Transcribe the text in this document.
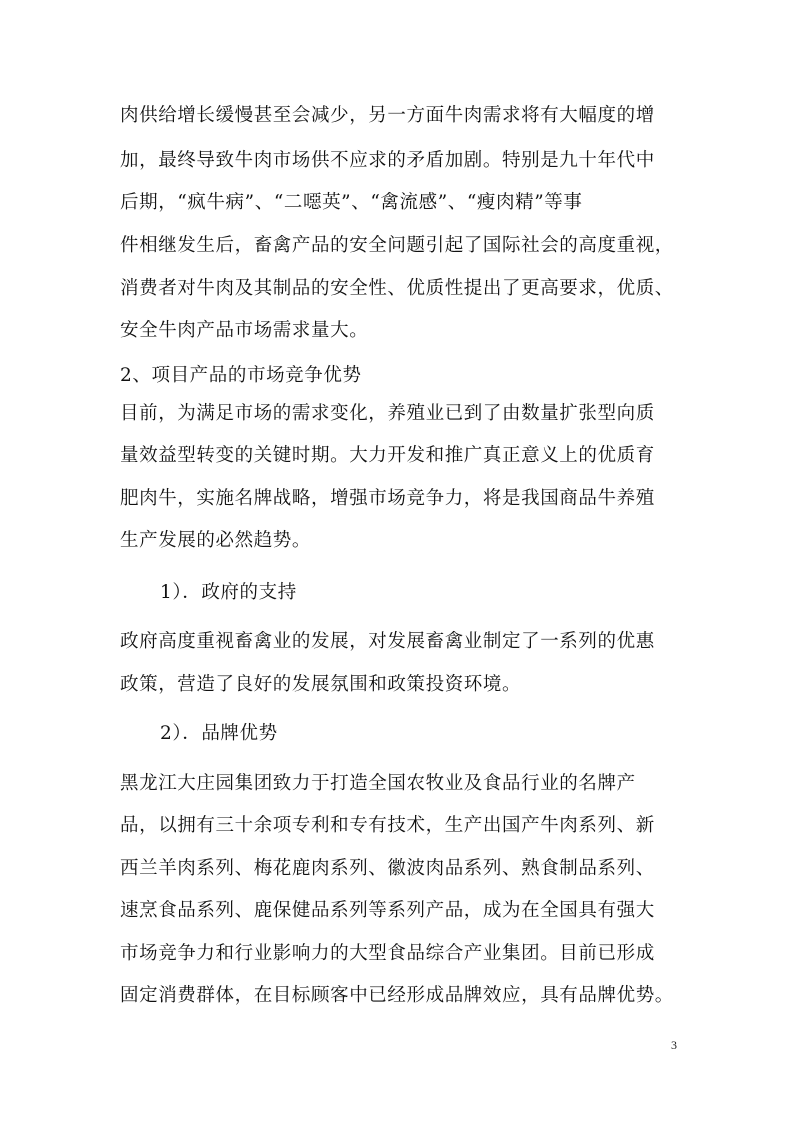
肉供给增长缓慢甚至会减少，另一方面牛肉需求将有大幅度的增
加，最终导致牛肉市场供不应求的矛盾加剧。特别是九十年代中
后期，“疯牛病”、“二噁英”、“禽流感”、“瘦肉精”等事
件相继发生后，畜禽产品的安全问题引起了国际社会的高度重视，
消费者对牛肉及其制品的安全性、优质性提出了更高要求，优质、
安全牛肉产品市场需求量大。
2、项目产品的市场竞争优势
目前，为满足市场的需求变化，养殖业已到了由数量扩张型向质
量效益型转变的关键时期。大力开发和推广真正意义上的优质育
肥肉牛，实施名牌战略，增强市场竞争力，将是我国商品牛养殖
生产发展的必然趋势。
1）．政府的支持
政府高度重视畜禽业的发展，对发展畜禽业制定了一系列的优惠
政策，营造了良好的发展氛围和政策投资环境。
2）．品牌优势
黑龙江大庄园集团致力于打造全国农牧业及食品行业的名牌产
品，以拥有三十余项专利和专有技术，生产出国产牛肉系列、新
西兰羊肉系列、梅花鹿肉系列、徽波肉品系列、熟食制品系列、
速烹食品系列、鹿保健品系列等系列产品，成为在全国具有强大
市场竞争力和行业影响力的大型食品综合产业集团。目前已形成
固定消费群体，在目标顾客中已经形成品牌效应，具有品牌优势。
3
